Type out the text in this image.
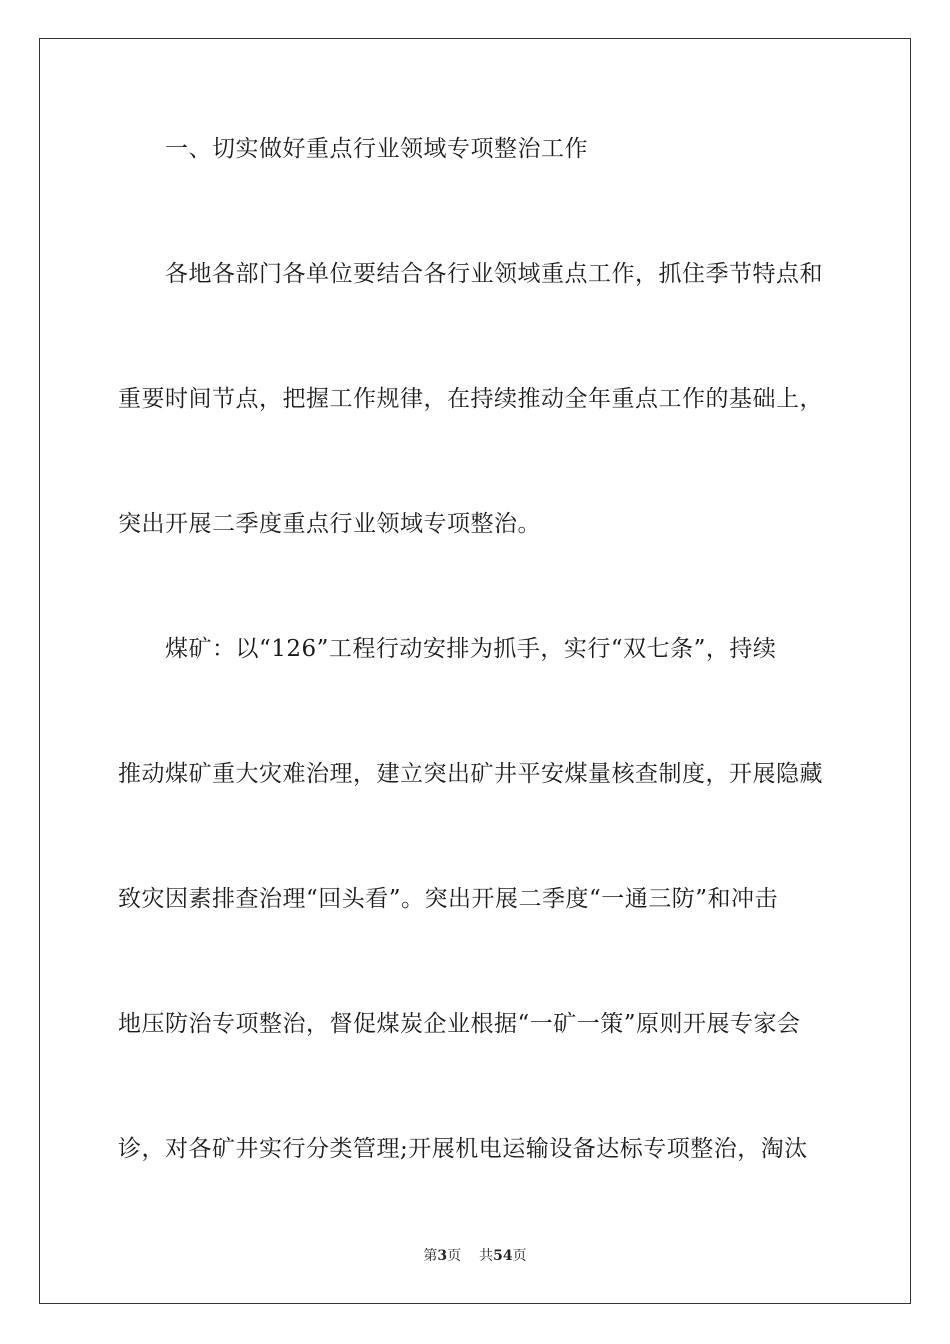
一、切实做好重点行业领域专项整治工作
各地各部门各单位要结合各行业领域重点工作，抓住季节特点和
重要时间节点，把握工作规律，在持续推动全年重点工作的基础上，
突出开展二季度重点行业领域专项整治。
煤矿：以“126”工程行动安排为抓手，实行“双七条”，持续
推动煤矿重大灾难治理，建立突出矿井平安煤量核查制度，开展隐藏
致灾因素排查治理“回头看”。突出开展二季度“一通三防”和冲击
地压防治专项整治，督促煤炭企业根据“一矿一策”原则开展专家会
诊，对各矿井实行分类管理;开展机电运输设备达标专项整治，淘汰
第3页 共54页
